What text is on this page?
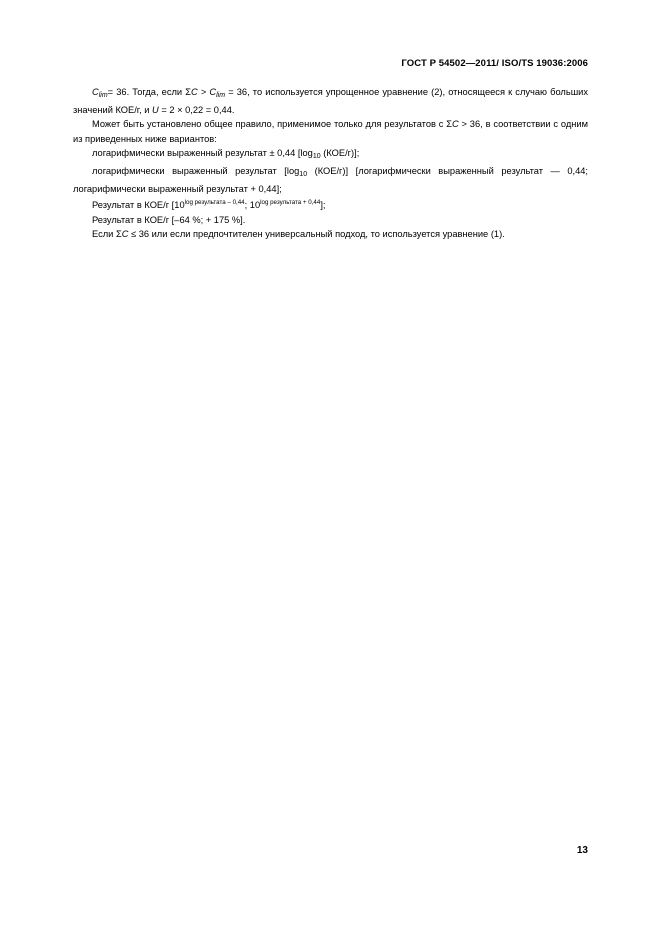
ГОСТ Р 54502—2011/ ISO/TS 19036:2006

$C_{lim}= 36$. Тогда, если $\Sigma C > C_{lim} = 36$, то используется упрощенное уравнение (2), относящееся к случаю больших значений КОЕ/г, и U = 2 × 0,22 = 0,44.

Может быть установлено общее правило, применимое только для результатов с ΣC > 36, в соответствии с одним из приведенных ниже вариантов:

логарифмически выраженный результат ± 0,44 [$\log_{10}$ (КОЕ/г)];

логарифмически выраженный результат [$\log_{10}$ (КОЕ/г)] [логарифмически выраженный результат — 0,44; логарифмически выраженный результат + 0,44];

Результат в КОЕ/г [$10^{log результата - 0,44}$; $10^{log результата + 0,44}$];

Результат в КОЕ/г [–64 %; + 175 %].

Если ΣC ≤ 36 или если предпочтителен универсальный подход, то используется уравнение (1).

13
